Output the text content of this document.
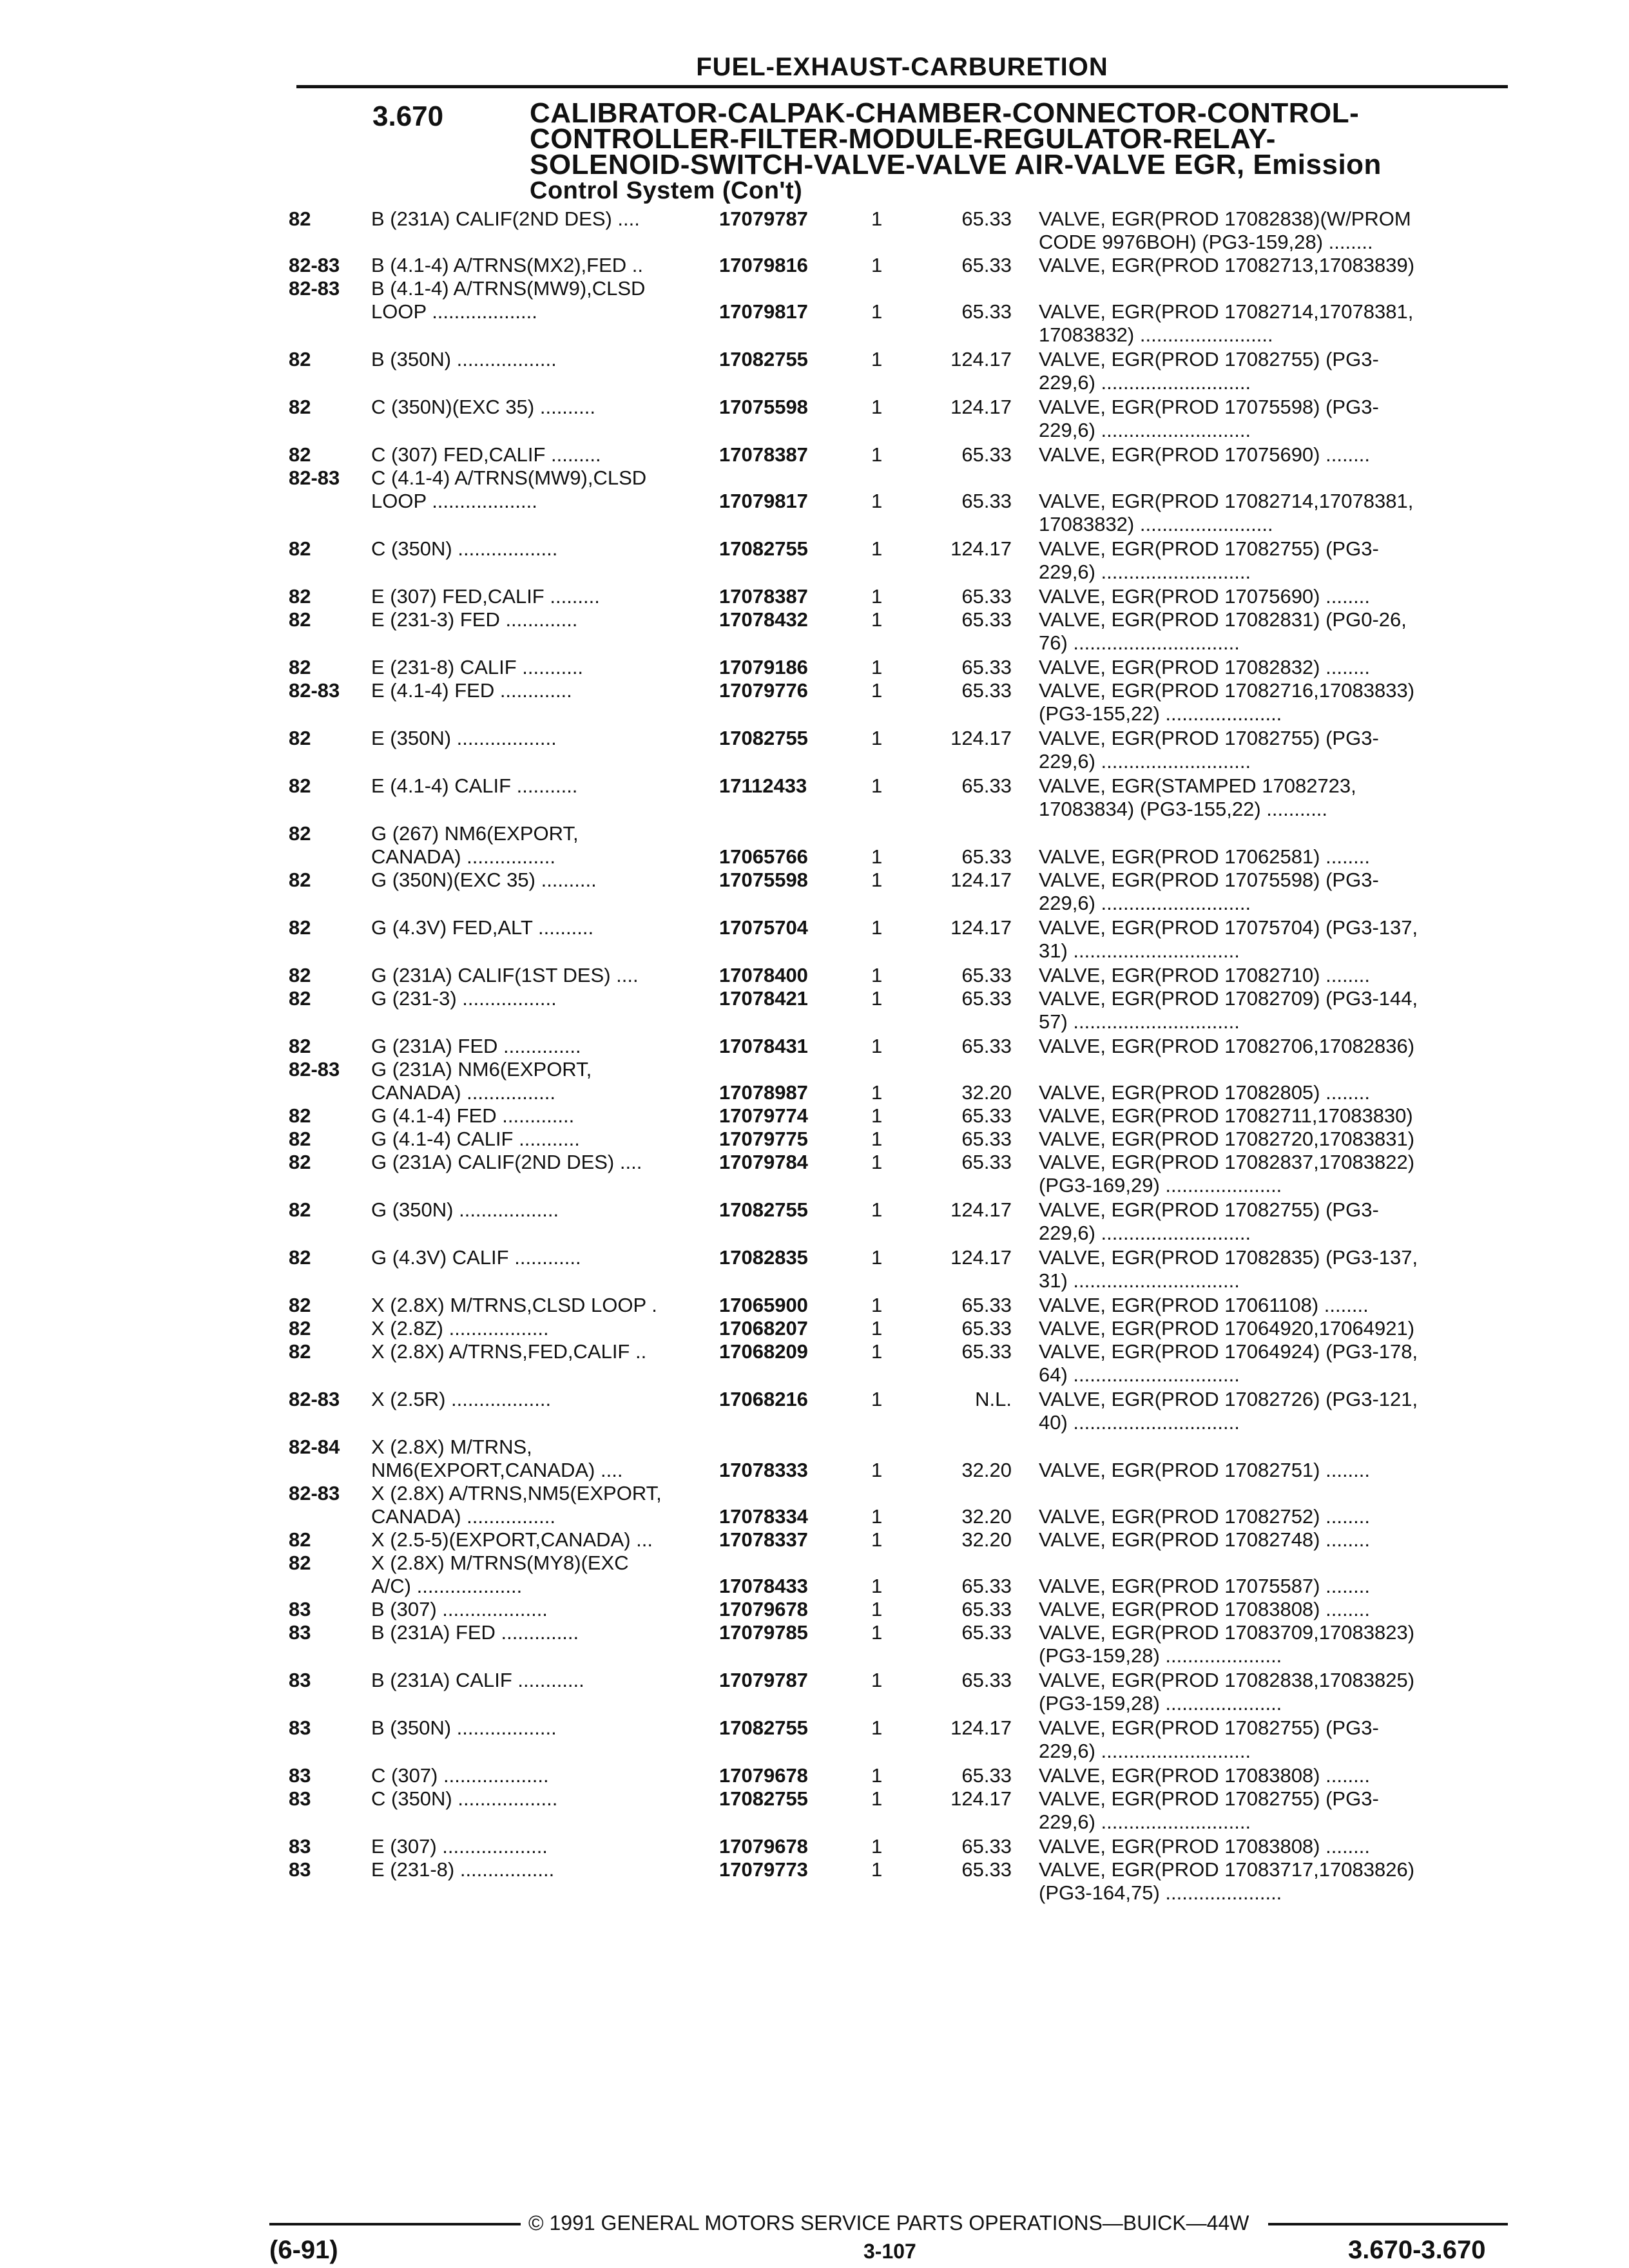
FUEL-EXHAUST-CARBURETION
3.670	CALIBRATOR-CALPAK-CHAMBER-CONNECTOR-CONTROL-
CONTROLLER-FILTER-MODULE-REGULATOR-RELAY-
SOLENOID-SWITCH-VALVE-VALVE AIR-VALVE EGR, Emission
Control System (Con't)
82	B (231A) CALIF(2ND DES) ....	17079787	1	65.33 VALVE, EGR(PROD 17082838)(W/PROM
CODE 9976BOH) (PG3-159,28) ........
82-83 B (4.1-4) A/TRNS(MX2),FED ..	17079816	1	65.33 VALVE, EGR(PROD 17082713,17083839)
82-83 B (4.1-4) A/TRNS(MW9),CLSD
LOOP ...................	17079817	1	65.33 VALVE, EGR(PROD 17082714,17078381,
17083832) ........................
82	B (350N) ..................	17082755	1	124.17 VALVE, EGR(PROD 17082755) (PG3-
229,6) ...........................
82	C (350N)(EXC 35) ..........	17075598	1	124.17 VALVE, EGR(PROD 17075598) (PG3-
229,6) ...........................
82	C (307) FED,CALIF .........	17078387	1	65.33 VALVE, EGR(PROD 17075690) ........
82-83 C (4.1-4) A/TRNS(MW9),CLSD
LOOP ...................	17079817	1	65.33 VALVE, EGR(PROD 17082714,17078381,
17083832) ........................
82	C (350N) ..................	17082755	1	124.17 VALVE, EGR(PROD 17082755) (PG3-
229,6) ...........................
82	E (307) FED,CALIF .........	17078387	1	65.33 VALVE, EGR(PROD 17075690) ........
82	E (231-3) FED .............	17078432	1	65.33 VALVE, EGR(PROD 17082831) (PG0-26,
76) ..............................
82	E (231-8) CALIF ...........	17079186	1	65.33 VALVE, EGR(PROD 17082832) ........
82-83 E (4.1-4) FED .............	17079776	1	65.33 VALVE, EGR(PROD 17082716,17083833)
(PG3-155,22) .....................
82	E (350N) ..................	17082755	1	124.17 VALVE, EGR(PROD 17082755) (PG3-
229,6) ...........................
82	E (4.1-4) CALIF ...........	17112433	1	65.33 VALVE, EGR(STAMPED 17082723,
17083834) (PG3-155,22) ...........
82	G (267) NM6(EXPORT,
CANADA) ................	17065766	1	65.33 VALVE, EGR(PROD 17062581) ........
82	G (350N)(EXC 35) ..........	17075598	1	124.17 VALVE, EGR(PROD 17075598) (PG3-
229,6) ...........................
82	G (4.3V) FED,ALT ..........	17075704	1	124.17 VALVE, EGR(PROD 17075704) (PG3-137,
31) ..............................
82	G (231A) CALIF(1ST DES) ....	17078400	1	65.33 VALVE, EGR(PROD 17082710) ........
82	G (231-3) .................	17078421	1	65.33 VALVE, EGR(PROD 17082709) (PG3-144,
57) ..............................
82	G (231A) FED ..............	17078431	1	65.33 VALVE, EGR(PROD 17082706,17082836)
82-83 G (231A) NM6(EXPORT,
CANADA) ................	17078987	1	32.20 VALVE, EGR(PROD 17082805) ........
82	G (4.1-4) FED .............	17079774	1	65.33 VALVE, EGR(PROD 17082711,17083830)
82	G (4.1-4) CALIF ...........	17079775	1	65.33 VALVE, EGR(PROD 17082720,17083831)
82	G (231A) CALIF(2ND DES) ....	17079784	1	65.33 VALVE, EGR(PROD 17082837,17083822)
(PG3-169,29) .....................
82	G (350N) ..................	17082755	1	124.17 VALVE, EGR(PROD 17082755) (PG3-
229,6) ...........................
82	G (4.3V) CALIF ............	17082835	1	124.17 VALVE, EGR(PROD 17082835) (PG3-137,
31) ..............................
82	X (2.8X) M/TRNS,CLSD LOOP .	17065900	1	65.33 VALVE, EGR(PROD 17061108) ........
82	X (2.8Z) ..................	17068207	1	65.33 VALVE, EGR(PROD 17064920,17064921)
82	X (2.8X) A/TRNS,FED,CALIF ..	17068209	1	65.33 VALVE, EGR(PROD 17064924) (PG3-178,
64) ..............................
82-83 X (2.5R) ..................	17068216	1	N.L. VALVE, EGR(PROD 17082726) (PG3-121,
40) ..............................
82-84 X (2.8X) M/TRNS,
NM6(EXPORT,CANADA) ....	17078333	1	32.20 VALVE, EGR(PROD 17082751) ........
82-83 X (2.8X) A/TRNS,NM5(EXPORT,
CANADA) ................	17078334	1	32.20 VALVE, EGR(PROD 17082752) ........
82	X (2.5-5)(EXPORT,CANADA) ...	17078337	1	32.20 VALVE, EGR(PROD 17082748) ........
82	X (2.8X) M/TRNS(MY8)(EXC
A/C) ...................	17078433	1	65.33 VALVE, EGR(PROD 17075587) ........
83	B (307) ...................	17079678	1	65.33 VALVE, EGR(PROD 17083808) ........
83	B (231A) FED ..............	17079785	1	65.33 VALVE, EGR(PROD 17083709,17083823)
(PG3-159,28) .....................
83	B (231A) CALIF ............	17079787	1	65.33 VALVE, EGR(PROD 17082838,17083825)
(PG3-159,28) .....................
83	B (350N) ..................	17082755	1	124.17 VALVE, EGR(PROD 17082755) (PG3-
229,6) ...........................
83	C (307) ...................	17079678	1	65.33 VALVE, EGR(PROD 17083808) ........
83	C (350N) ..................	17082755	1	124.17 VALVE, EGR(PROD 17082755) (PG3-
229,6) ...........................
83	E (307) ...................	17079678	1	65.33 VALVE, EGR(PROD 17083808) ........
83	E (231-8) .................	17079773	1	65.33 VALVE, EGR(PROD 17083717,17083826)
(PG3-164,75) .....................
© 1991 GENERAL MOTORS SERVICE PARTS OPERATIONS—BUICK—44W
(6-91)	3-107	3.670-3.670
